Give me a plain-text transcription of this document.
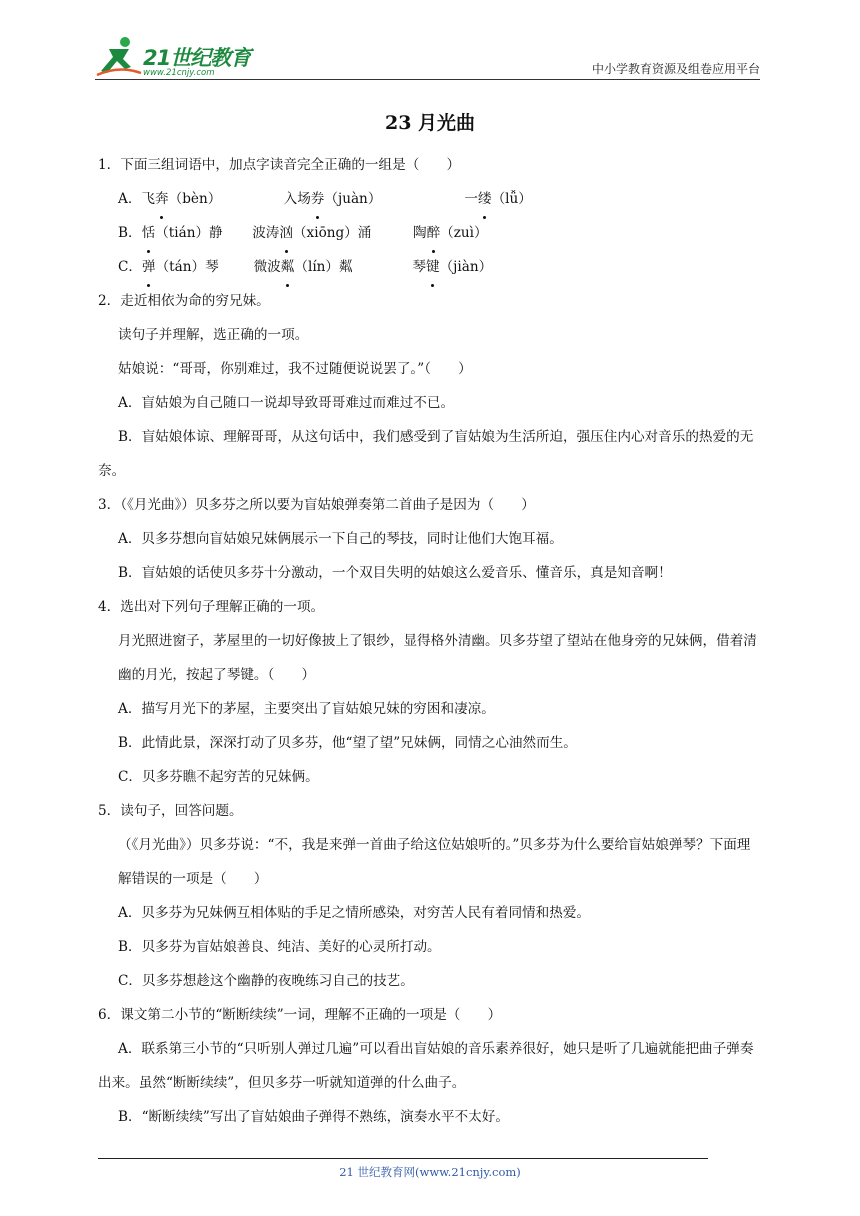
21世纪教育
www.21cnjy.com	中小学教育资源及组卷应用平台
23 月光曲
1．下面三组词语中，加点字读音完全正确的一组是（　　）
A．飞奔（bèn）	入场券（juàn）	一缕（lǚ）
B．恬（tián）静 波涛汹（xiōng）涌	陶醉（zuì）
C．弹（tán）琴	微波粼（lín）粼	琴键（jiàn）
2．走近相依为命的穷兄妹。
读句子并理解，选正确的一项。
姑娘说：“哥哥，你别难过，我不过随便说说罢了。”（　　）
A．盲姑娘为自己随口一说却导致哥哥难过而难过不已。
B．盲姑娘体谅、理解哥哥，从这句话中，我们感受到了盲姑娘为生活所迫，强压住内心对音乐的热爱的无奈。
3．（《月光曲》）贝多芬之所以要为盲姑娘弹奏第二首曲子是因为（　　）
A．贝多芬想向盲姑娘兄妹俩展示一下自己的琴技，同时让他们大饱耳福。
B．盲姑娘的话使贝多芬十分激动，一个双目失明的姑娘这么爱音乐、懂音乐，真是知音啊！
4．选出对下列句子理解正确的一项。
月光照进窗子，茅屋里的一切好像披上了银纱，显得格外清幽。贝多芬望了望站在他身旁的兄妹俩，借着清幽的月光，按起了琴键。（　　）
A．描写月光下的茅屋，主要突出了盲姑娘兄妹的穷困和凄凉。
B．此情此景，深深打动了贝多芬，他“望了望”兄妹俩，同情之心油然而生。
C．贝多芬瞧不起穷苦的兄妹俩。
5．读句子，回答问题。
（《月光曲》）贝多芬说：“不，我是来弹一首曲子给这位姑娘听的。”贝多芬为什么要给盲姑娘弹琴？下面理解错误的一项是（　　）
A．贝多芬为兄妹俩互相体贴的手足之情所感染，对穷苦人民有着同情和热爱。
B．贝多芬为盲姑娘善良、纯洁、美好的心灵所打动。
C．贝多芬想趁这个幽静的夜晚练习自己的技艺。
6．课文第二小节的“断断续续”一词，理解不正确的一项是（　　）
A．联系第三小节的“只听别人弹过几遍”可以看出盲姑娘的音乐素养很好，她只是听了几遍就能把曲子弹奏出来。虽然“断断续续”，但贝多芬一听就知道弹的什么曲子。
B．“断断续续”写出了盲姑娘曲子弹得不熟练，演奏水平不太好。
21 世纪教育网(www.21cnjy.com)
